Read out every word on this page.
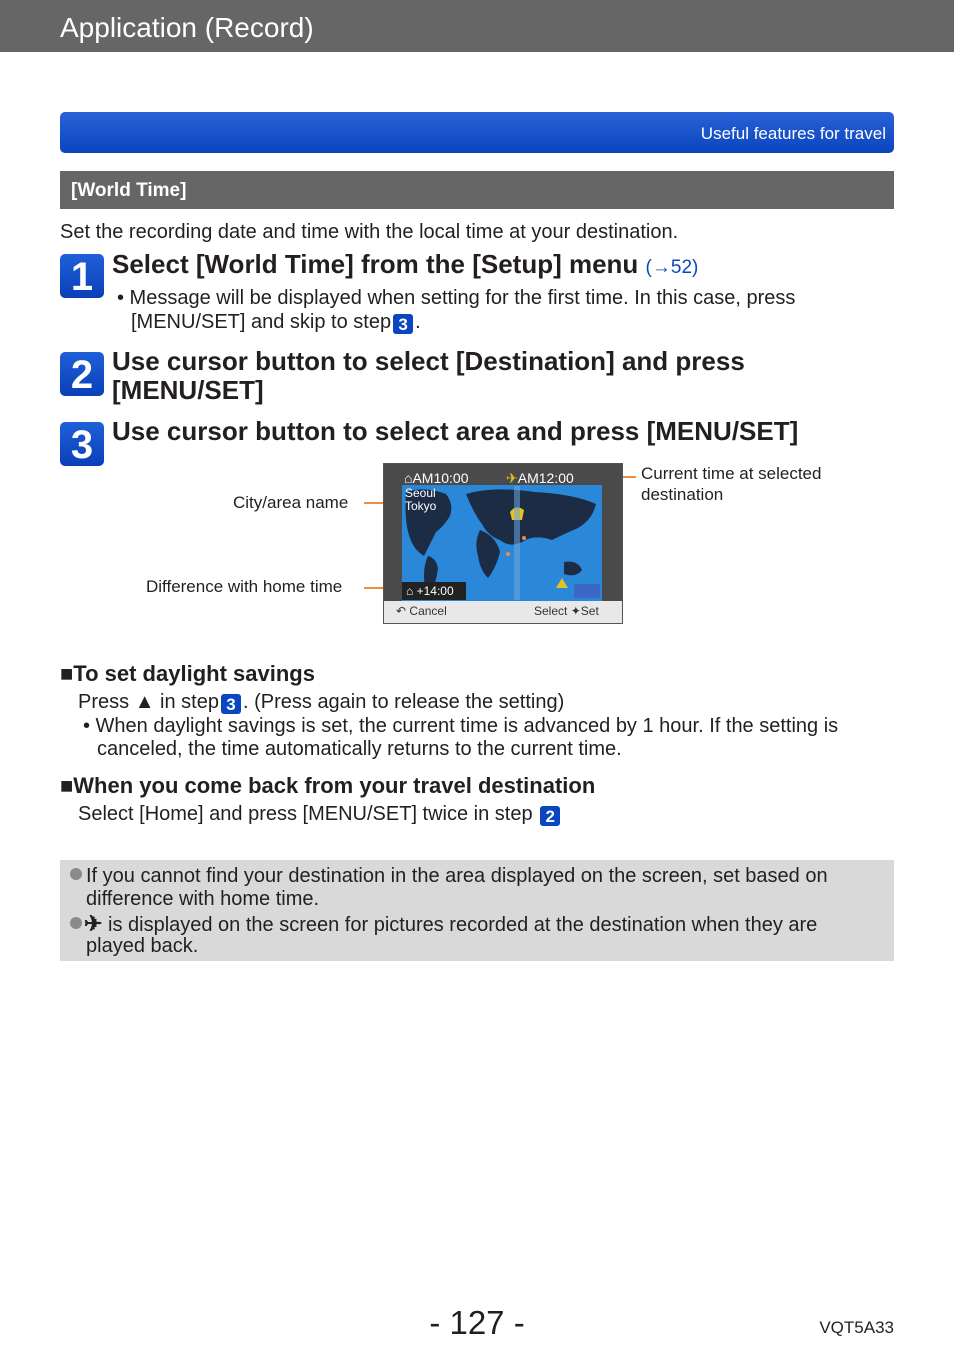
Application (Record)
Useful features for travel
[World Time]
Set the recording date and time with the local time at your destination.
1 Select [World Time] from the [Setup] menu (→52)
• Message will be displayed when setting for the first time. In this case, press
[MENU/SET] and skip to step 3 .
2 Use cursor button to select [Destination] and press
[MENU/SET]
3 Use cursor button to select area and press [MENU/SET]
City/area name
Difference with home time
Current time at selected
destination
⌂AM10:00	✈AM12:00
Seoul
Tokyo
⌂ +14:00
↶ Cancel	Select ✦Set
■To set daylight savings
Press ▲ in step 3 . (Press again to release the setting)
• When daylight savings is set, the current time is advanced by 1 hour. If the setting is
canceled, the time automatically returns to the current time.
■When you come back from your travel destination
Select [Home] and press [MENU/SET] twice in step 2
If you cannot find your destination in the area displayed on the screen, set based on
difference with home time.
✈ is displayed on the screen for pictures recorded at the destination when they are
played back.
- 127 -	VQT5A33
